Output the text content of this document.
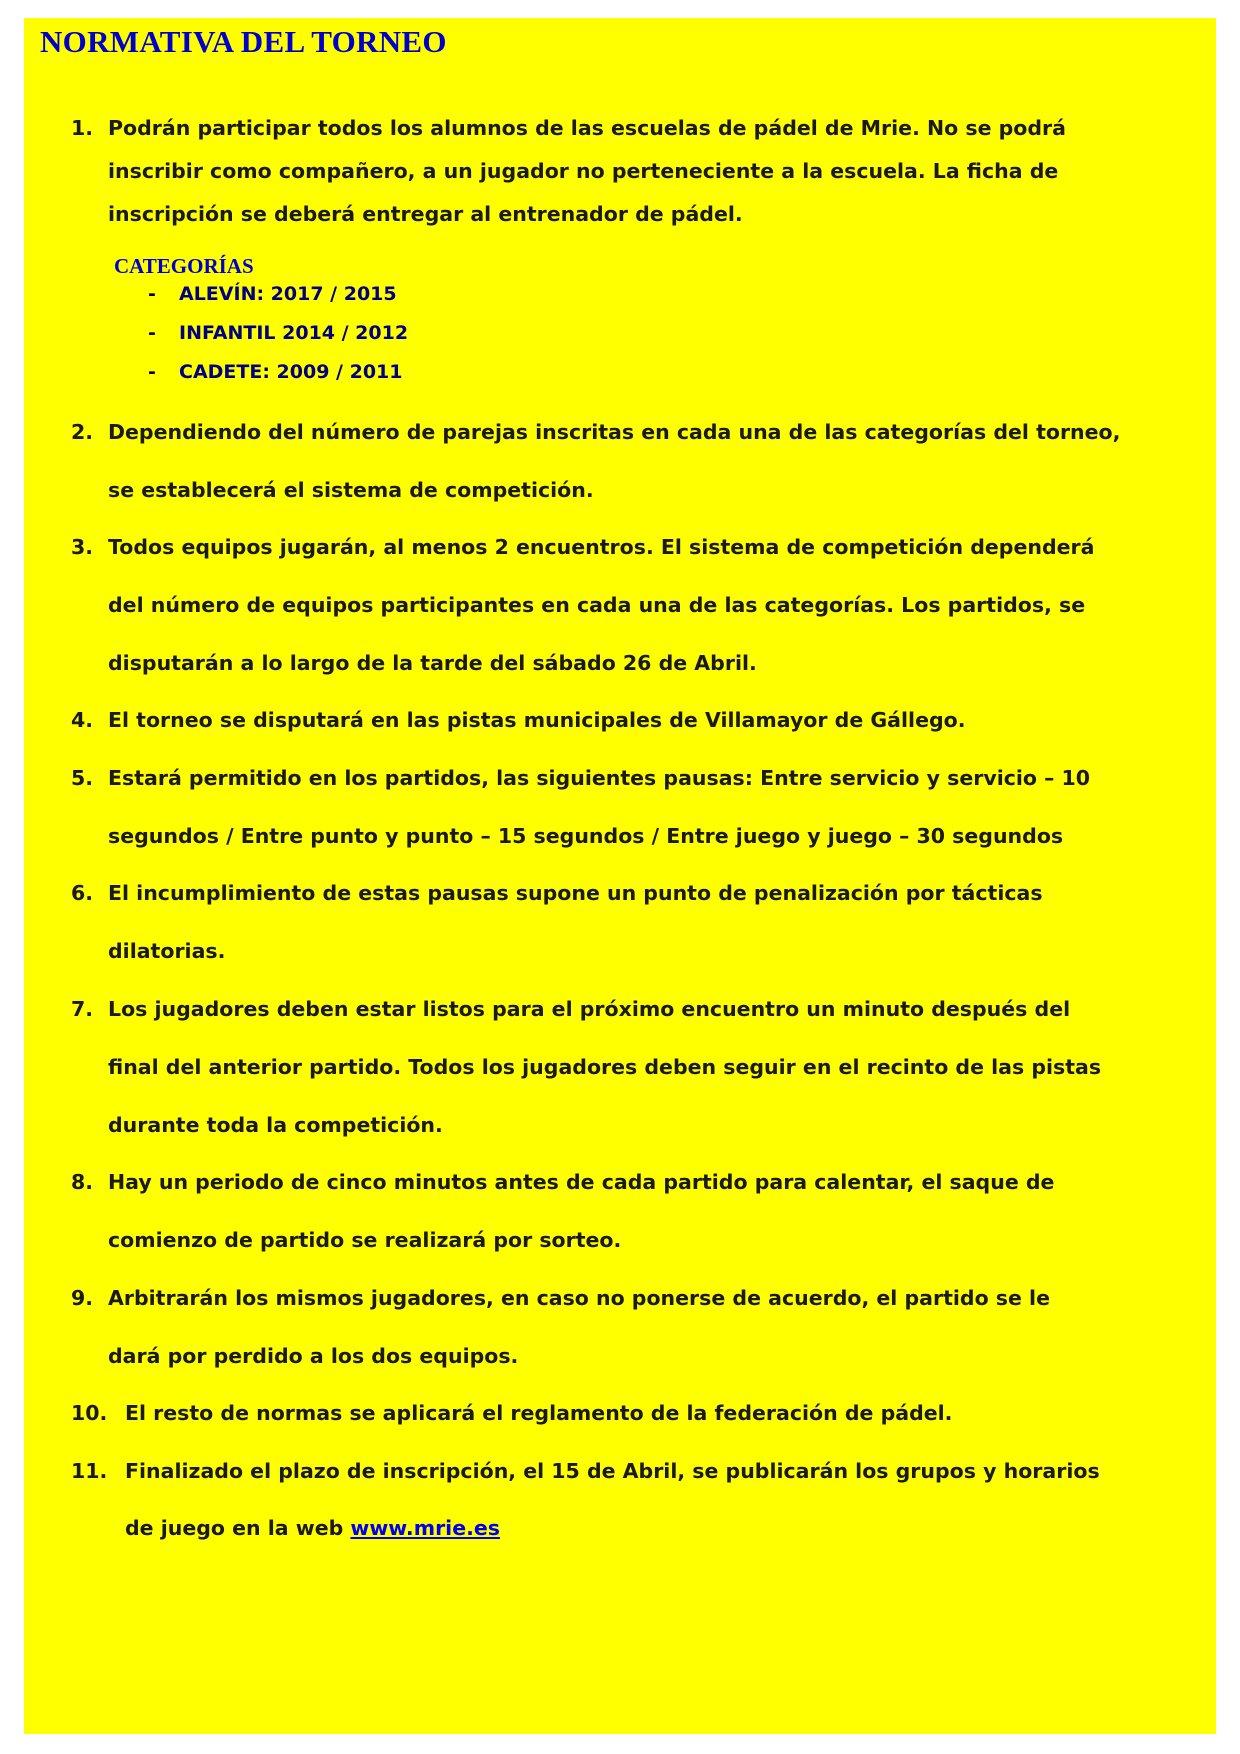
NORMATIVA DEL TORNEO
1. Podrán participar todos los alumnos de las escuelas de pádel de Mrie. No se podrá
inscribir como compañero, a un jugador no perteneciente a la escuela. La ficha de
inscripción se deberá entregar al entrenador de pádel.
2. Dependiendo del número de parejas inscritas en cada una de las categorías del torneo,
se establecerá el sistema de competición.
3. Todos equipos jugarán, al menos 2 encuentros. El sistema de competición dependerá
del número de equipos participantes en cada una de las categorías. Los partidos, se
disputarán a lo largo de la tarde del sábado 26 de Abril.
4. El torneo se disputará en las pistas municipales de Villamayor de Gállego.
5. Estará permitido en los partidos, las siguientes pausas: Entre servicio y servicio – 10
segundos / Entre punto y punto – 15 segundos / Entre juego y juego – 30 segundos
6. El incumplimiento de estas pausas supone un punto de penalización por tácticas
dilatorias.
7. Los jugadores deben estar listos para el próximo encuentro un minuto después del
final del anterior partido. Todos los jugadores deben seguir en el recinto de las pistas
durante toda la competición.
8. Hay un periodo de cinco minutos antes de cada partido para calentar, el saque de
comienzo de partido se realizará por sorteo.
9. Arbitrarán los mismos jugadores, en caso no ponerse de acuerdo, el partido se le
dará por perdido a los dos equipos.
10. El resto de normas se aplicará el reglamento de la federación de pádel.
11. Finalizado el plazo de inscripción, el 15 de Abril, se publicarán los grupos y horarios
de juego en la web www.mrie.es
CATEGORÍAS
- ALEVÍN: 2017 / 2015
- INFANTIL 2014 / 2012
- CADETE: 2009 / 2011
